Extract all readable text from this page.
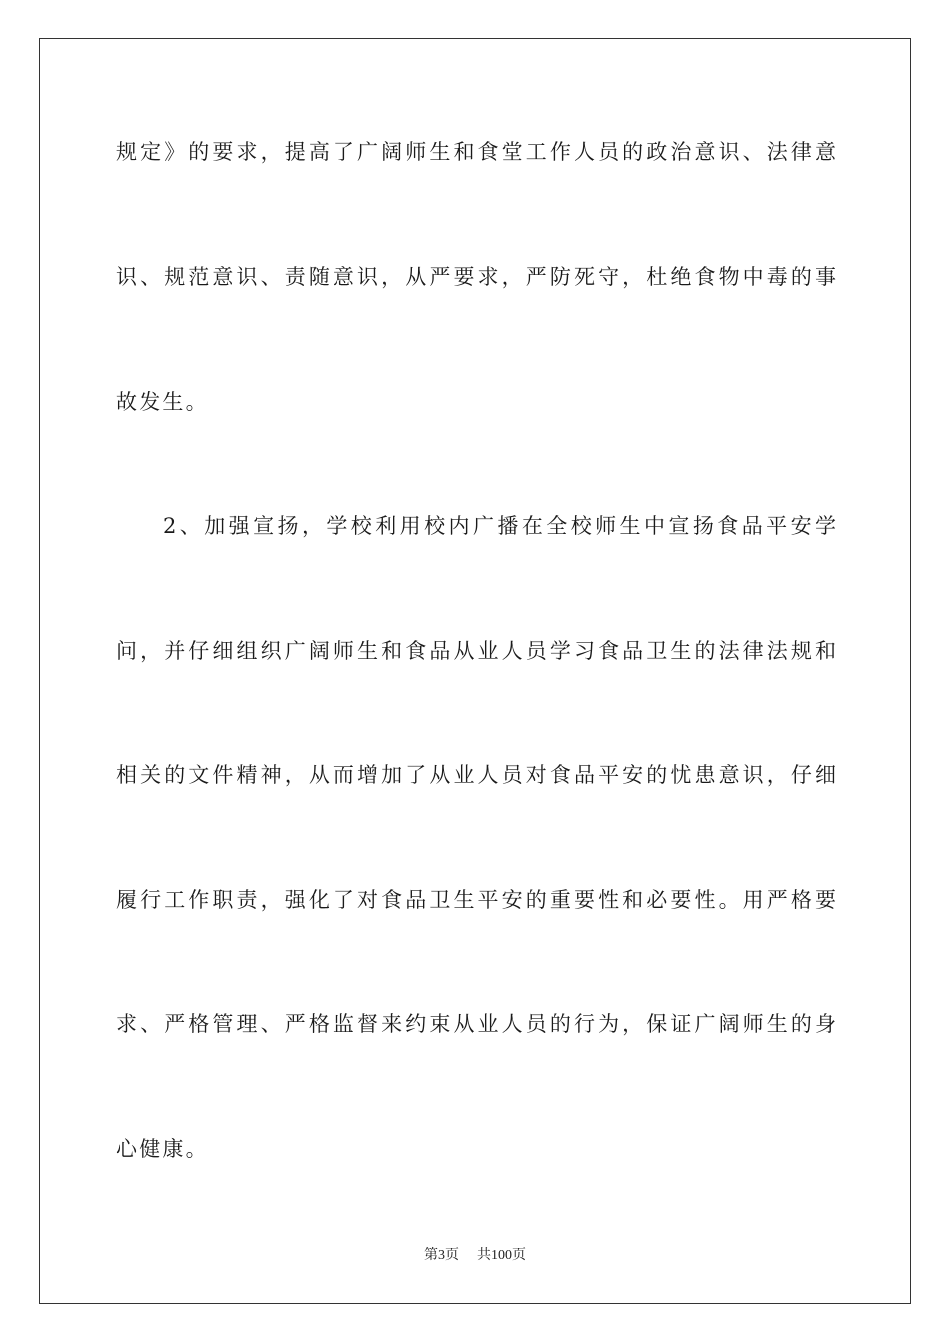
规定》的要求，提高了广阔师生和食堂工作人员的政治意识、法律意
识、规范意识、责随意识，从严要求，严防死守，杜绝食物中毒的事
故发生。
2、加强宣扬，学校利用校内广播在全校师生中宣扬食品平安学
问，并仔细组织广阔师生和食品从业人员学习食品卫生的法律法规和
相关的文件精神，从而增加了从业人员对食品平安的忧患意识，仔细
履行工作职责，强化了对食品卫生平安的重要性和必要性。用严格要
求、严格管理、严格监督来约束从业人员的行为，保证广阔师生的身
心健康。
第3页 共100页
